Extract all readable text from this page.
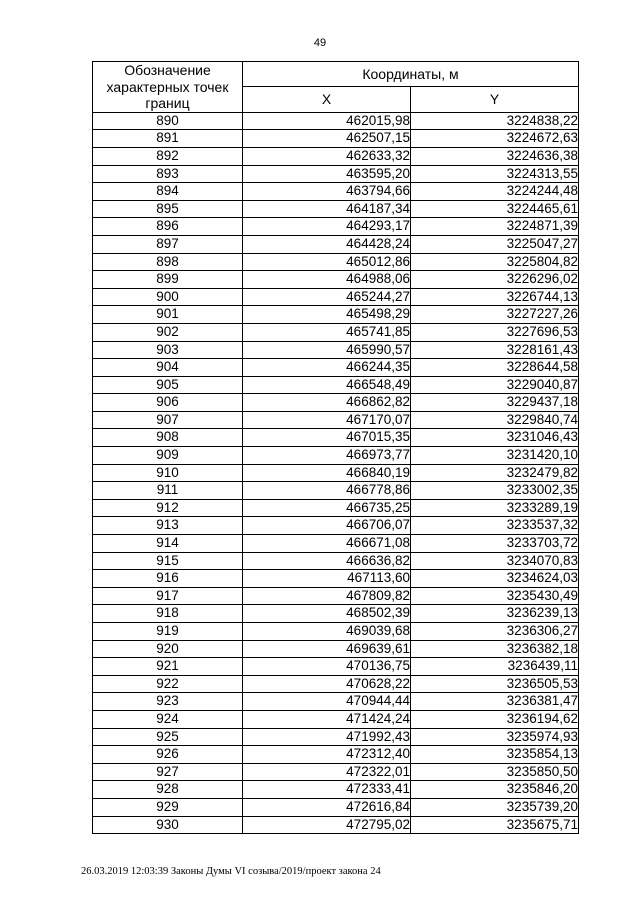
49
Обозначение характерных точек границ	Координаты, м	
	X	Y
890	462015,98	3224838,22
891	462507,15	3224672,63
892	462633,32	3224636,38
893	463595,20	3224313,55
894	463794,66	3224244,48
895	464187,34	3224465,61
896	464293,17	3224871,39
897	464428,24	3225047,27
898	465012,86	3225804,82
899	464988,06	3226296,02
900	465244,27	3226744,13
901	465498,29	3227227,26
902	465741,85	3227696,53
903	465990,57	3228161,43
904	466244,35	3228644,58
905	466548,49	3229040,87
906	466862,82	3229437,18
907	467170,07	3229840,74
908	467015,35	3231046,43
909	466973,77	3231420,10
910	466840,19	3232479,82
911	466778,86	3233002,35
912	466735,25	3233289,19
913	466706,07	3233537,32
914	466671,08	3233703,72
915	466636,82	3234070,83
916	467113,60	3234624,03
917	467809,82	3235430,49
918	468502,39	3236239,13
919	469039,68	3236306,27
920	469639,61	3236382,18
921	470136,75	3236439,11
922	470628,22	3236505,53
923	470944,44	3236381,47
924	471424,24	3236194,62
925	471992,43	3235974,93
926	472312,40	3235854,13
927	472322,01	3235850,50
928	472333,41	3235846,20
929	472616,84	3235739,20
930	472795,02	3235675,71
26.03.2019 12:03:39 Законы Думы VI созыва/2019/проект закона 24
